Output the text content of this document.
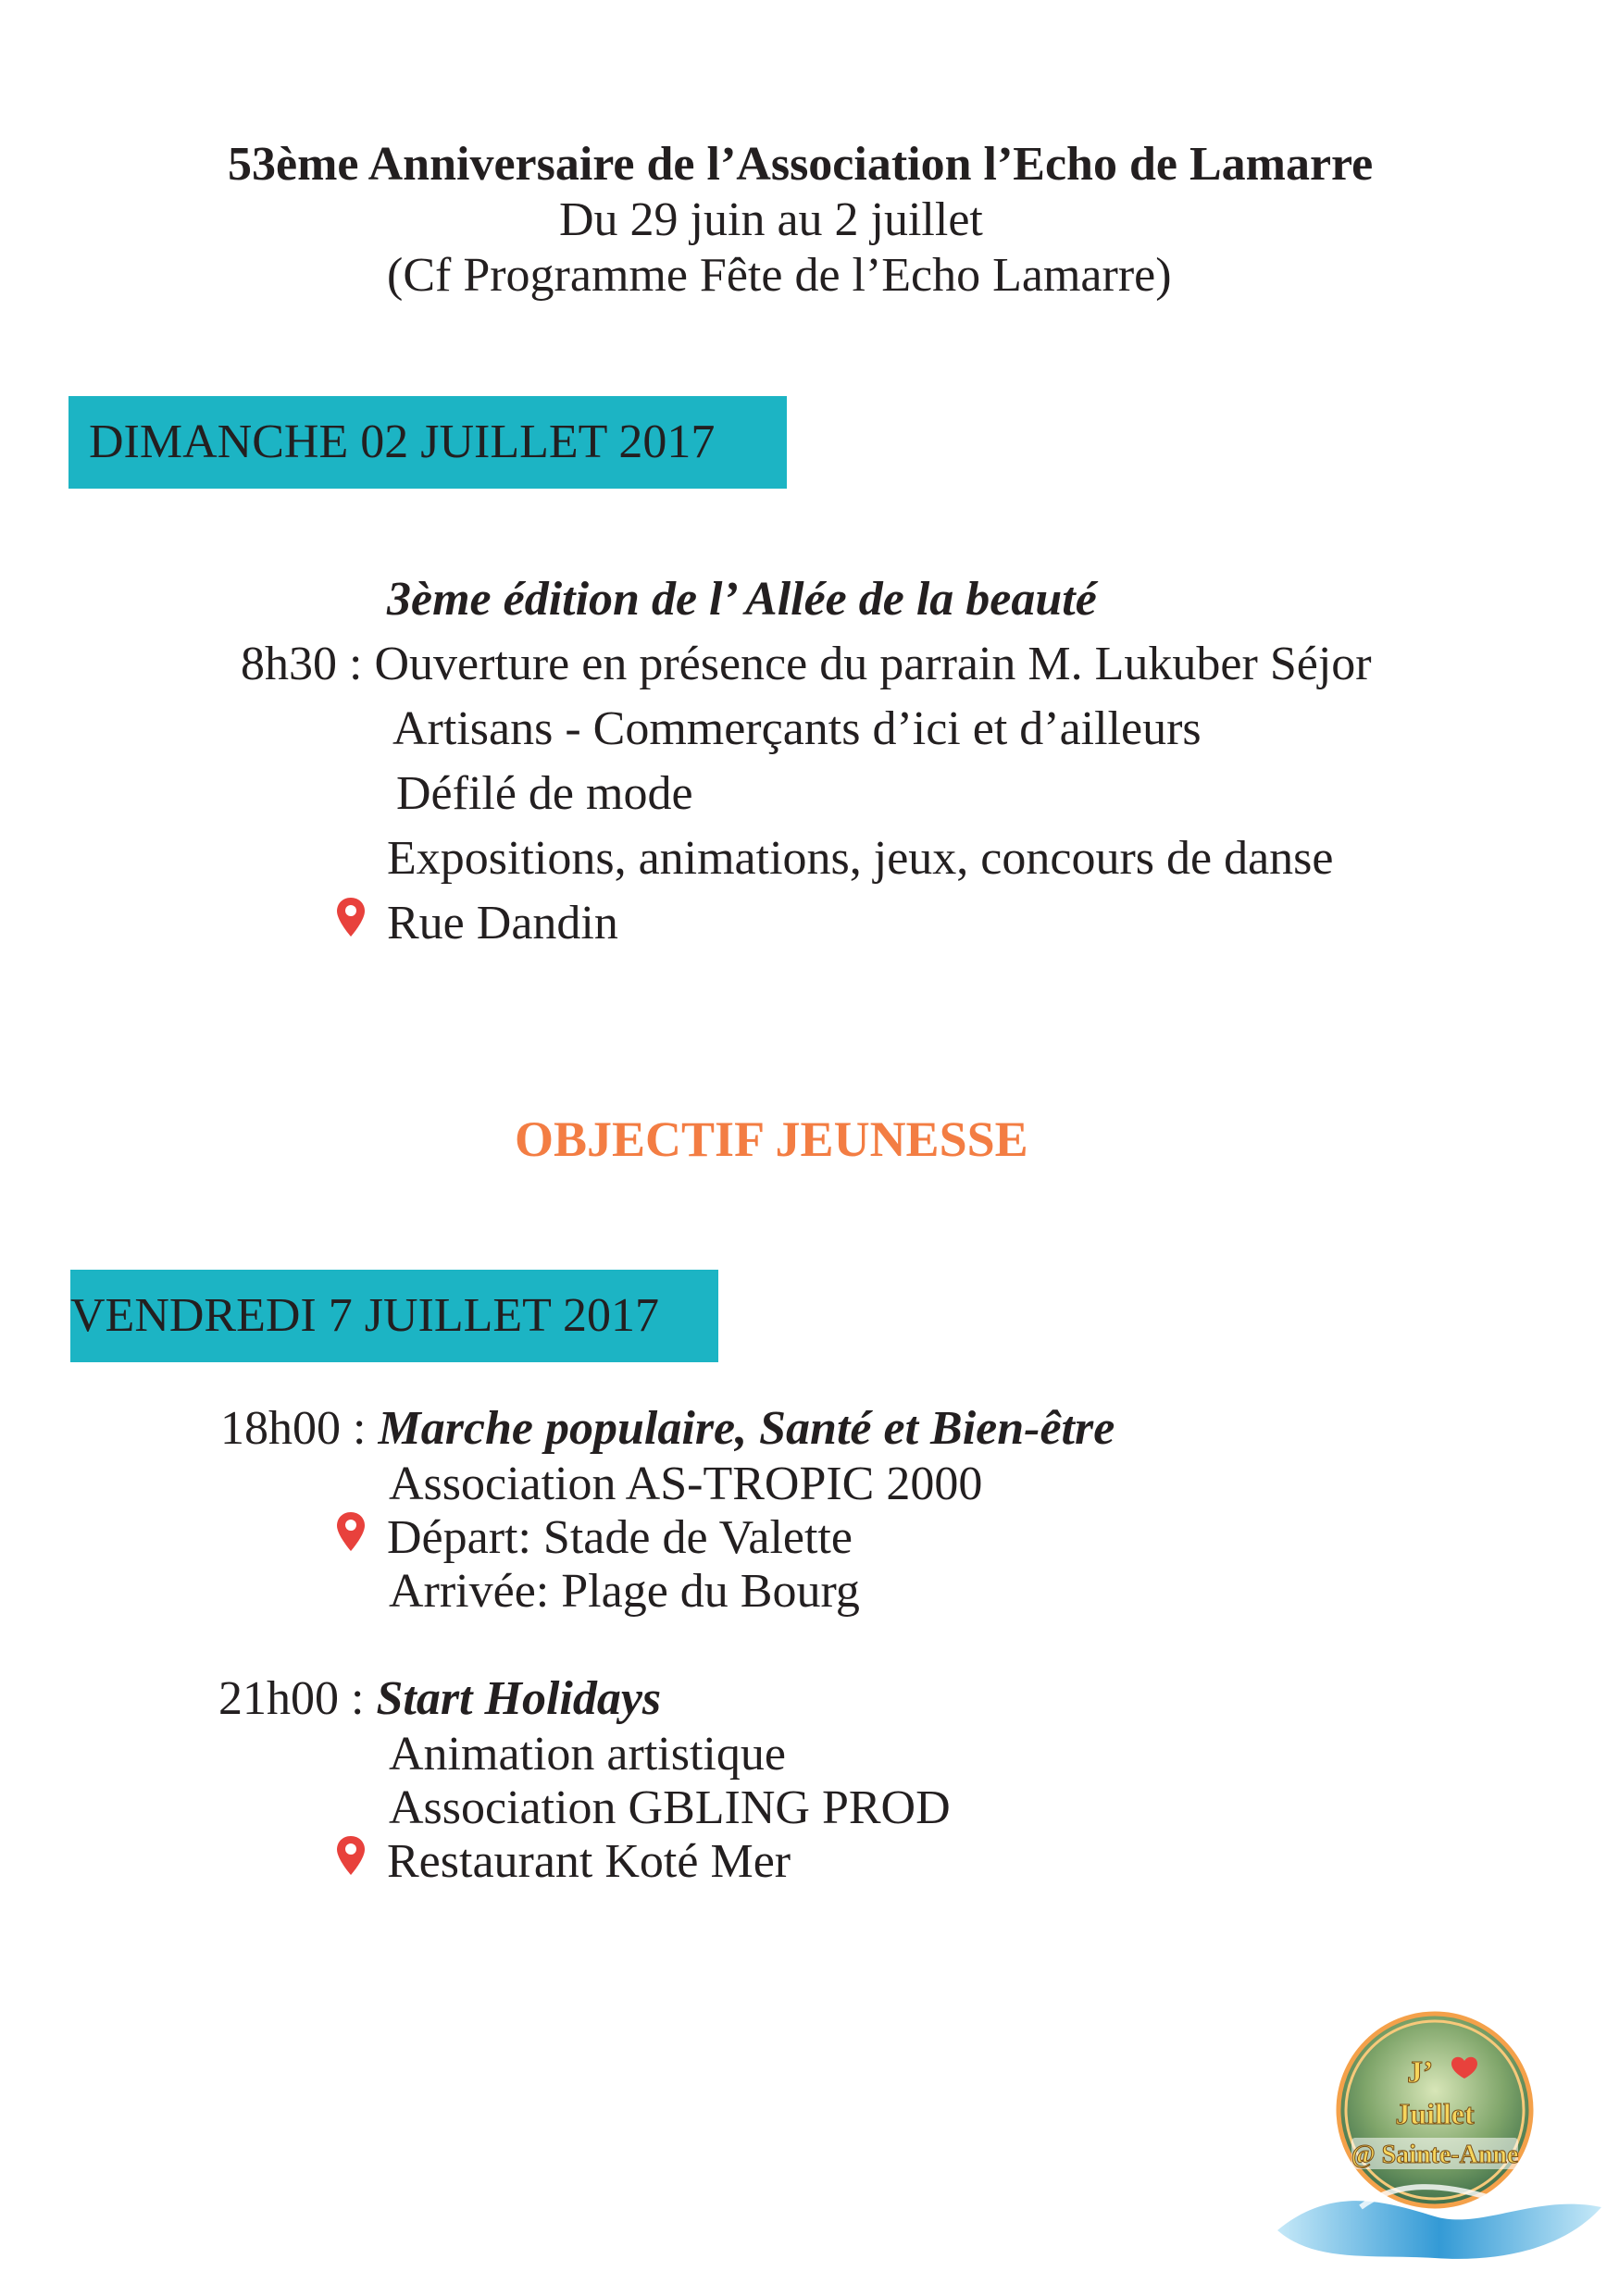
53ème Anniversaire de l’Association l’Echo de Lamarre
Du 29 juin au 2 juillet
(Cf Programme Fête de l’Echo Lamarre)
DIMANCHE 02 JUILLET 2017
3ème édition de l’ Allée de la beauté
8h30 : Ouverture en présence du parrain M. Lukuber Séjor
Artisans - Commerçants d’ici et d’ailleurs
Défilé de mode
Expositions, animations, jeux, concours de danse
Rue Dandin
OBJECTIF JEUNESSE
VENDREDI 7 JUILLET 2017
18h00 : Marche populaire, Santé et Bien-être
Association AS-TROPIC 2000
Départ: Stade de Valette
Arrivée: Plage du Bourg
21h00 : Start Holidays
Animation artistique
Association GBLING PROD
Restaurant Koté Mer
J’
Juillet
@ Sainte-Anne
